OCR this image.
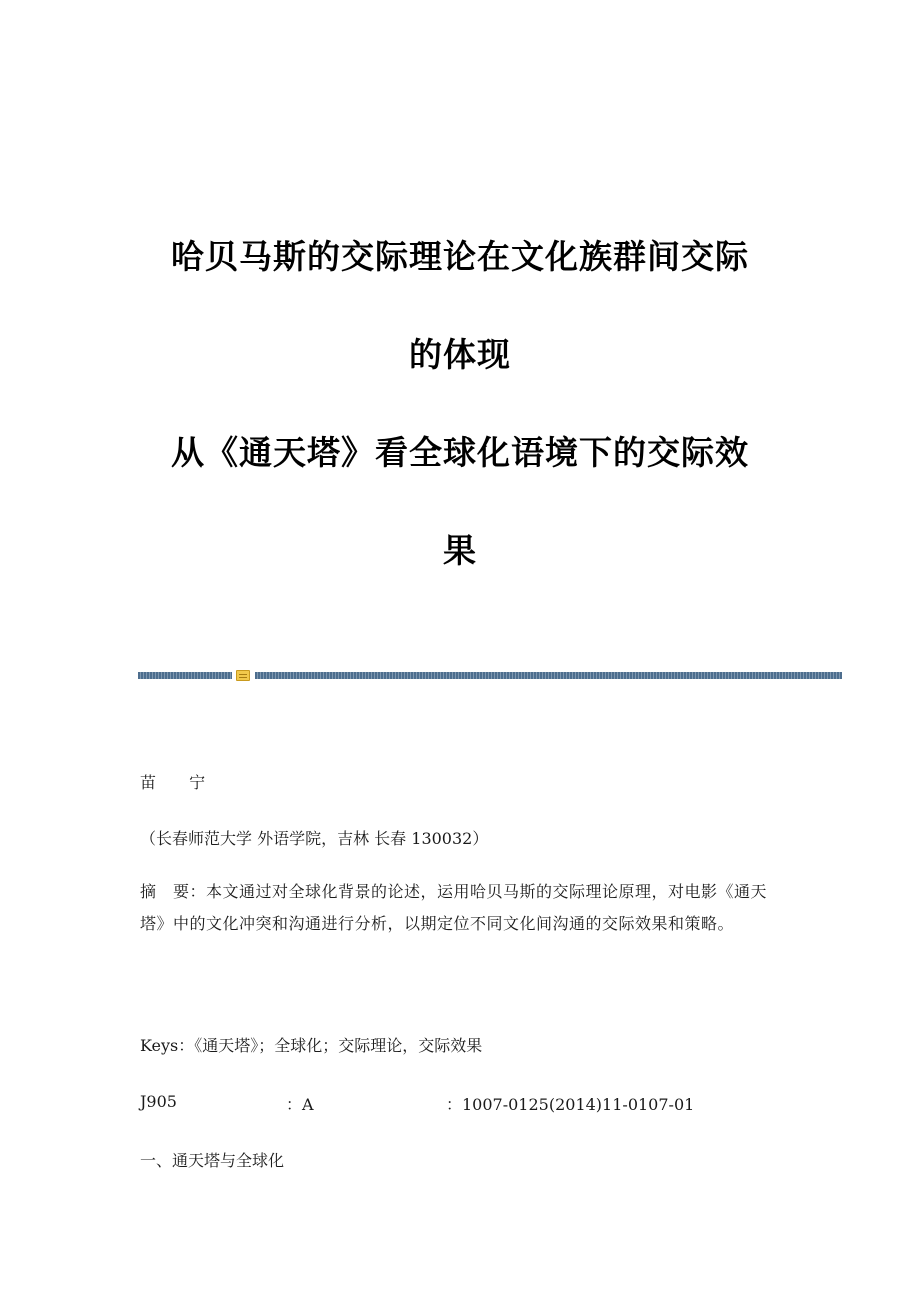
哈贝马斯的交际理论在文化族群间交际
的体现
从《通天塔》看全球化语境下的交际效
果
苗 宁
（长春师范大学 外语学院，吉林 长春 130032）
摘　要：本文通过对全球化背景的论述，运用哈贝马斯的交际理论原理，对电影《通天塔》中的文化冲突和沟通进行分析，以期定位不同文化间沟通的交际效果和策略。
Keys：《通天塔》；全球化；交际理论，交际效果
J905	：A	：1007-0125(2014)11-0107-01
一、通天塔与全球化
